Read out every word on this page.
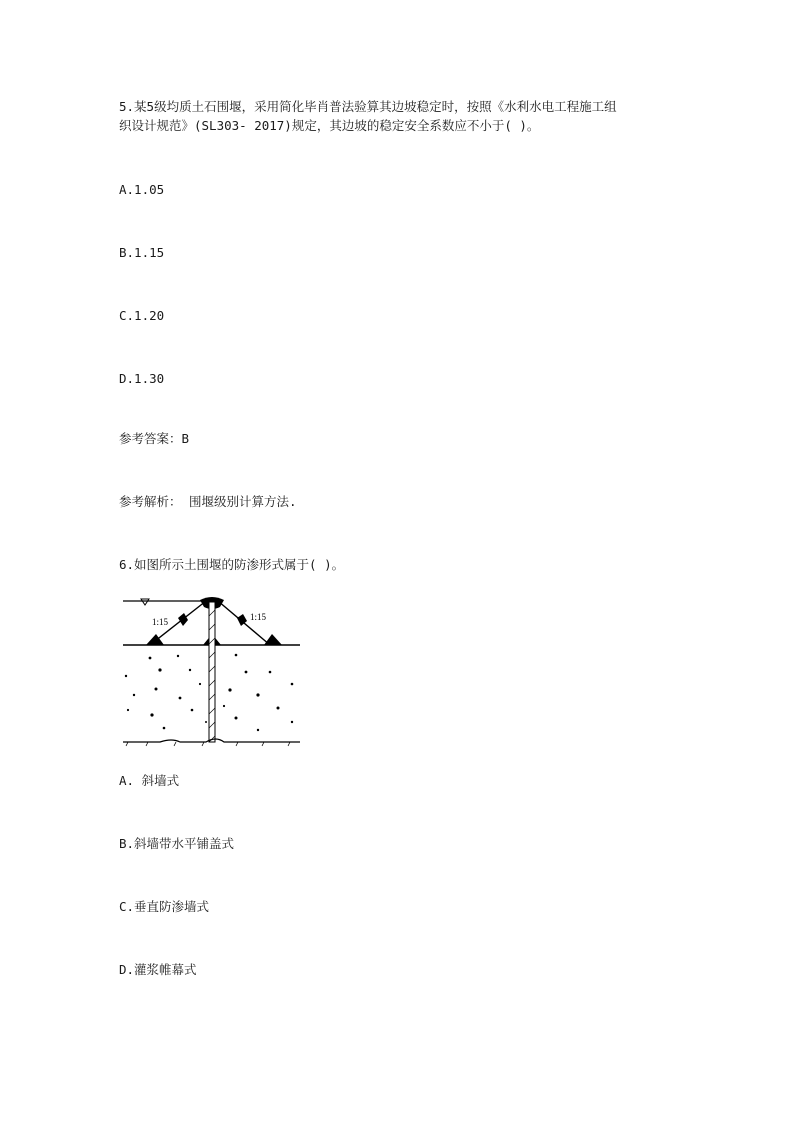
5.某5级均质土石围堰，采用简化毕肖普法验算其边坡稳定时，按照《水利水电工程施工组
织设计规范》(SL303- 2017)规定，其边坡的稳定安全系数应不小于( )。
A.1.05
B.1.15
C.1.20
D.1.30
参考答案：B
参考解析： 围堰级别计算方法.
6.如图所示土围堰的防渗形式属于( )。
1:15	1:15
A. 斜墙式
B.斜墙带水平铺盖式
C.垂直防渗墙式
D.灌浆帷幕式
